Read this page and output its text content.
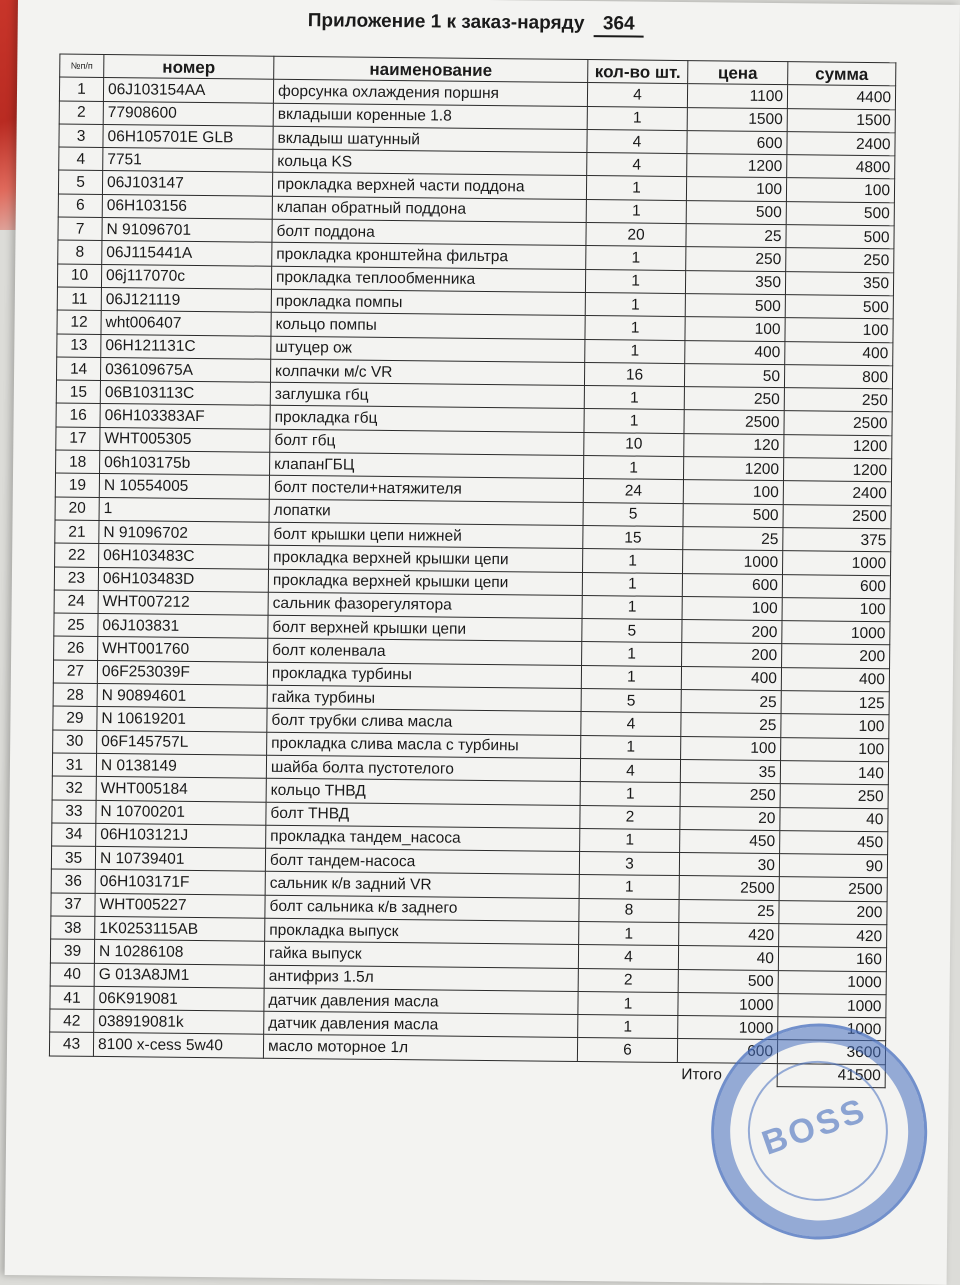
Приложение 1 к заказ-наряду 364
№п/п	номер	наименование	кол-во шт.	цена	сумма
1	06J103154AA	форсунка охлаждения поршня	4	1100	4400
2	77908600	вкладыши коренные 1.8	1	1500	1500
3	06H105701E GLB	вкладыш шатунный	4	600	2400
4	7751	кольца KS	4	1200	4800
5	06J103147	прокладка верхней части поддона	1	100	100
6	06H103156	клапан обратный поддона	1	500	500
7	N 91096701	болт поддона	20	25	500
8	06J115441A	прокладка кронштейна фильтра	1	250	250
10	06j117070c	прокладка теплообменника	1	350	350
11	06J121119	прокладка помпы	1	500	500
12	wht006407	кольцо помпы	1	100	100
13	06H121131C	штуцер ож	1	400	400
14	036109675A	колпачки м/с VR	16	50	800
15	06B103113C	заглушка гбц	1	250	250
16	06H103383AF	прокладка гбц	1	2500	2500
17	WHT005305	болт гбц	10	120	1200
18	06h103175b	клапанГБЦ	1	1200	1200
19	N 10554005	болт постели+натяжителя	24	100	2400
20	1	лопатки	5	500	2500
21	N 91096702	болт крышки цепи нижней	15	25	375
22	06H103483C	прокладка верхней крышки цепи	1	1000	1000
23	06H103483D	прокладка верхней крышки цепи	1	600	600
24	WHT007212	сальник фазорегулятора	1	100	100
25	06J103831	болт верхней крышки цепи	5	200	1000
26	WHT001760	болт коленвала	1	200	200
27	06F253039F	прокладка турбины	1	400	400
28	N 90894601	гайка турбины	5	25	125
29	N 10619201	болт трубки слива масла	4	25	100
30	06F145757L	прокладка слива масла с турбины	1	100	100
31	N 0138149	шайба болта пустотелого	4	35	140
32	WHT005184	кольцо ТНВД	1	250	250
33	N 10700201	болт ТНВД	2	20	40
34	06H103121J	прокладка тандем_насоса	1	450	450
35	N 10739401	болт тандем-насоса	3	30	90
36	06H103171F	сальник к/в задний VR	1	2500	2500
37	WHT005227	болт сальника к/в заднего	8	25	200
38	1K0253115AB	прокладка выпуск	1	420	420
39	N 10286108	гайка выпуск	4	40	160
40	G 013A8JM1	антифриз 1.5л	2	500	1000
41	06K919081	датчик давления масла	1	1000	1000
42	038919081k	датчик давления масла	1	1000	1000
43	8100 x-cess 5w40	масло моторное 1л	6	600	3600
				Итого	41500
BOSS
